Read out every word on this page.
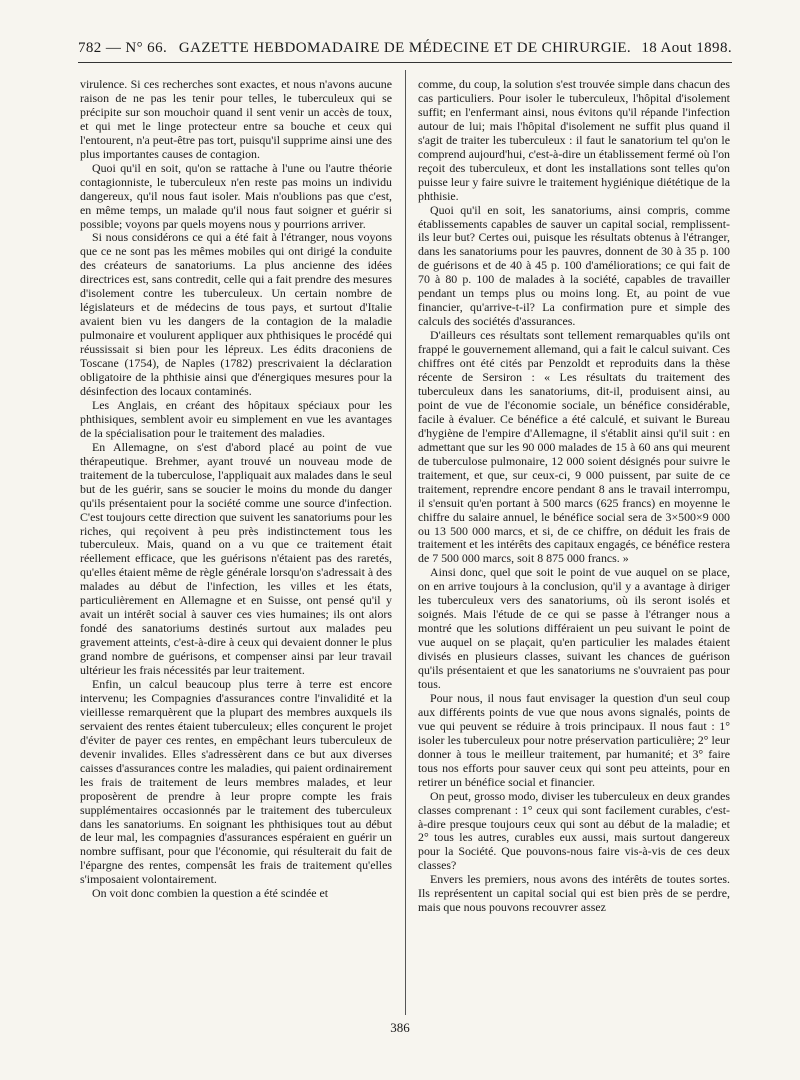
782 — N° 66. GAZETTE HEBDOMADAIRE DE MÉDECINE ET DE CHIRURGIE. 18 Aout 1898.

virulence. Si ces recherches sont exactes, et nous n'avons aucune raison de ne pas les tenir pour telles, le tuberculeux qui se précipite sur son mouchoir quand il sent venir un accès de toux, et qui met le linge protecteur entre sa bouche et ceux qui l'entourent, n'a peut-être pas tort, puisqu'il supprime ainsi une des plus importantes causes de contagion.

Quoi qu'il en soit, qu'on se rattache à l'une ou l'autre théorie contagionniste, le tuberculeux n'en reste pas moins un individu dangereux, qu'il nous faut isoler. Mais n'oublions pas que c'est, en même temps, un malade qu'il nous faut soigner et guérir si possible; voyons par quels moyens nous y pourrions arriver.

Si nous considérons ce qui a été fait à l'étranger, nous voyons que ce ne sont pas les mêmes mobiles qui ont dirigé la conduite des créateurs de sanatoriums. La plus ancienne des idées directrices est, sans contredit, celle qui a fait prendre des mesures d'isolement contre les tuberculeux. Un certain nombre de législateurs et de médecins de tous pays, et surtout d'Italie avaient bien vu les dangers de la contagion de la maladie pulmonaire et voulurent appliquer aux phthisiques le procédé qui réussissait si bien pour les lépreux. Les édits draconiens de Toscane (1754), de Naples (1782) prescrivaient la déclaration obligatoire de la phthisie ainsi que d'énergiques mesures pour la désinfection des locaux contaminés.

Les Anglais, en créant des hôpitaux spéciaux pour les phthisiques, semblent avoir eu simplement en vue les avantages de la spécialisation pour le traitement des maladies.

En Allemagne, on s'est d'abord placé au point de vue thérapeutique. Brehmer, ayant trouvé un nouveau mode de traitement de la tuberculose, l'appliquait aux malades dans le seul but de les guérir, sans se soucier le moins du monde du danger qu'ils présentaient pour la société comme une source d'infection. C'est toujours cette direction que suivent les sanatoriums pour les riches, qui reçoivent à peu près indistinctement tous les tuberculeux. Mais, quand on a vu que ce traitement était réellement efficace, que les guérisons n'étaient pas des raretés, qu'elles étaient même de règle générale lorsqu'on s'adressait à des malades au début de l'infection, les villes et les états, particulièrement en Allemagne et en Suisse, ont pensé qu'il y avait un intérêt social à sauver ces vies humaines; ils ont alors fondé des sanatoriums destinés surtout aux malades peu gravement atteints, c'est-à-dire à ceux qui devaient donner le plus grand nombre de guérisons, et compenser ainsi par leur travail ultérieur les frais nécessités par leur traitement.

Enfin, un calcul beaucoup plus terre à terre est encore intervenu; les Compagnies d'assurances contre l'invalidité et la vieillesse remarquèrent que la plupart des membres auxquels ils servaient des rentes étaient tuberculeux; elles conçurent le projet d'éviter de payer ces rentes, en empêchant leurs tuberculeux de devenir invalides. Elles s'adressèrent dans ce but aux diverses caisses d'assurances contre les maladies, qui paient ordinairement les frais de traitement de leurs membres malades, et leur proposèrent de prendre à leur propre compte les frais supplémentaires occasionnés par le traitement des tuberculeux dans les sanatoriums. En soignant les phthisiques tout au début de leur mal, les compagnies d'assurances espéraient en guérir un nombre suffisant, pour que l'économie, qui résulterait du fait de l'épargne des rentes, compensât les frais de traitement qu'elles s'imposaient volontairement.

On voit donc combien la question a été scindée et

comme, du coup, la solution s'est trouvée simple dans chacun des cas particuliers. Pour isoler le tuberculeux, l'hôpital d'isolement suffit; en l'enfermant ainsi, nous évitons qu'il répande l'infection autour de lui; mais l'hôpital d'isolement ne suffit plus quand il s'agit de traiter les tuberculeux : il faut le sanatorium tel qu'on le comprend aujourd'hui, c'est-à-dire un établissement fermé où l'on reçoit des tuberculeux, et dont les installations sont telles qu'on puisse leur y faire suivre le traitement hygiénique diététique de la phthisie.

Quoi qu'il en soit, les sanatoriums, ainsi compris, comme établissements capables de sauver un capital social, remplissent-ils leur but? Certes oui, puisque les résultats obtenus à l'étranger, dans les sanatoriums pour les pauvres, donnent de 30 à 35 p. 100 de guérisons et de 40 à 45 p. 100 d'améliorations; ce qui fait de 70 à 80 p. 100 de malades à la société, capables de travailler pendant un temps plus ou moins long. Et, au point de vue financier, qu'arrive-t-il? La confirmation pure et simple des calculs des sociétés d'assurances.

D'ailleurs ces résultats sont tellement remarquables qu'ils ont frappé le gouvernement allemand, qui a fait le calcul suivant. Ces chiffres ont été cités par Penzoldt et reproduits dans la thèse récente de Sersiron : « Les résultats du traitement des tuberculeux dans les sanatoriums, dit-il, produisent ainsi, au point de vue de l'économie sociale, un bénéfice considérable, facile à évaluer. Ce bénéfice a été calculé, et suivant le Bureau d'hygiène de l'empire d'Allemagne, il s'établit ainsi qu'il suit : en admettant que sur les 90 000 malades de 15 à 60 ans qui meurent de tuberculose pulmonaire, 12 000 soient désignés pour suivre le traitement, et que, sur ceux-ci, 9 000 puissent, par suite de ce traitement, reprendre encore pendant 8 ans le travail interrompu, il s'ensuit qu'en portant à 500 marcs (625 francs) en moyenne le chiffre du salaire annuel, le bénéfice social sera de 3×500×9 000 ou 13 500 000 marcs, et si, de ce chiffre, on déduit les frais de traitement et les intérêts des capitaux engagés, ce bénéfice restera de 7 500 000 marcs, soit 8 875 000 francs. »

Ainsi donc, quel que soit le point de vue auquel on se place, on en arrive toujours à la conclusion, qu'il y a avantage à diriger les tuberculeux vers des sanatoriums, où ils seront isolés et soignés. Mais l'étude de ce qui se passe à l'étranger nous a montré que les solutions différaient un peu suivant le point de vue auquel on se plaçait, qu'en particulier les malades étaient divisés en plusieurs classes, suivant les chances de guérison qu'ils présentaient et que les sanatoriums ne s'ouvraient pas pour tous.

Pour nous, il nous faut envisager la question d'un seul coup aux différents points de vue que nous avons signalés, points de vue qui peuvent se réduire à trois principaux. Il nous faut : 1° isoler les tuberculeux pour notre préservation particulière; 2° leur donner à tous le meilleur traitement, par humanité; et 3° faire tous nos efforts pour sauver ceux qui sont peu atteints, pour en retirer un bénéfice social et financier.

On peut, grosso modo, diviser les tuberculeux en deux grandes classes comprenant : 1° ceux qui sont facilement curables, c'est-à-dire presque toujours ceux qui sont au début de la maladie; et 2° tous les autres, curables eux aussi, mais surtout dangereux pour la Société. Que pouvons-nous faire vis-à-vis de ces deux classes?

Envers les premiers, nous avons des intérêts de toutes sortes. Ils représentent un capital social qui est bien près de se perdre, mais que nous pouvons recouvrer assez

386
